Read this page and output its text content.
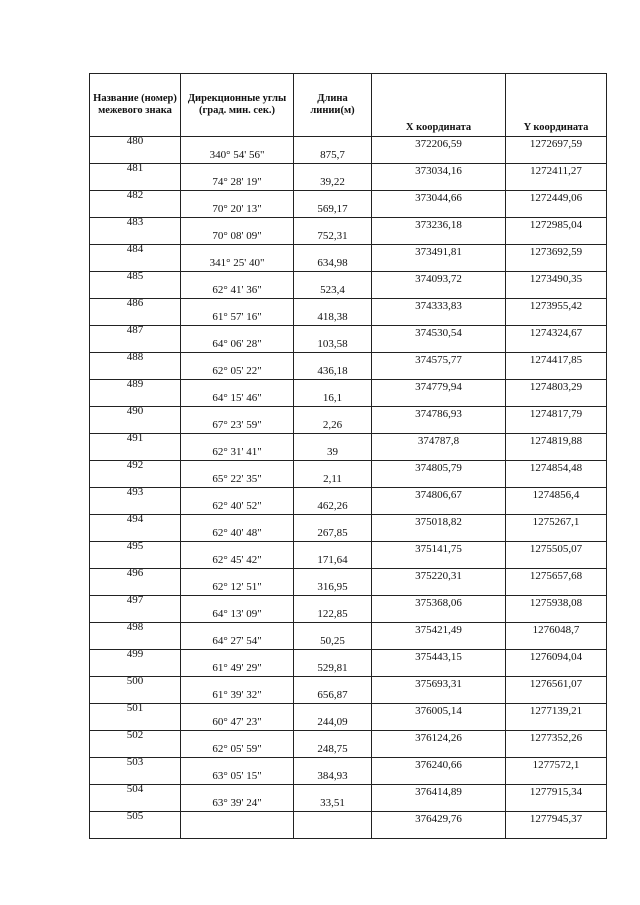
Название (номер) межевого знака	Дирекционные углы (град. мин. сек.)	Длина линии(м)	X координата	Y координата

480	340° 54' 56"	875,7	372206,59	1272697,59

481	74° 28' 19"	39,22	373034,16	1272411,27

482	70° 20' 13"	569,17	373044,66	1272449,06

483	70° 08' 09"	752,31	373236,18	1272985,04

484	341° 25' 40"	634,98	373491,81	1273692,59

485	62° 41' 36"	523,4	374093,72	1273490,35

486	61° 57' 16"	418,38	374333,83	1273955,42

487	64° 06' 28"	103,58	374530,54	1274324,67

488	62° 05' 22"	436,18	374575,77	1274417,85

489	64° 15' 46"	16,1	374779,94	1274803,29

490	67° 23' 59"	2,26	374786,93	1274817,79

491	62° 31' 41"	39	374787,8	1274819,88

492	65° 22' 35"	2,11	374805,79	1274854,48

493	62° 40' 52"	462,26	374806,67	1274856,4

494	62° 40' 48"	267,85	375018,82	1275267,1

495	62° 45' 42"	171,64	375141,75	1275505,07

496	62° 12' 51"	316,95	375220,31	1275657,68

497	64° 13' 09"	122,85	375368,06	1275938,08

498	64° 27' 54"	50,25	375421,49	1276048,7

499	61° 49' 29"	529,81	375443,15	1276094,04

500	61° 39' 32"	656,87	375693,31	1276561,07

501	60° 47' 23"	244,09	376005,14	1277139,21

502	62° 05' 59"	248,75	376124,26	1277352,26

503	63° 05' 15"	384,93	376240,66	1277572,1

504	63° 39' 24"	33,51	376414,89	1277915,34

505			376429,76	1277945,37
